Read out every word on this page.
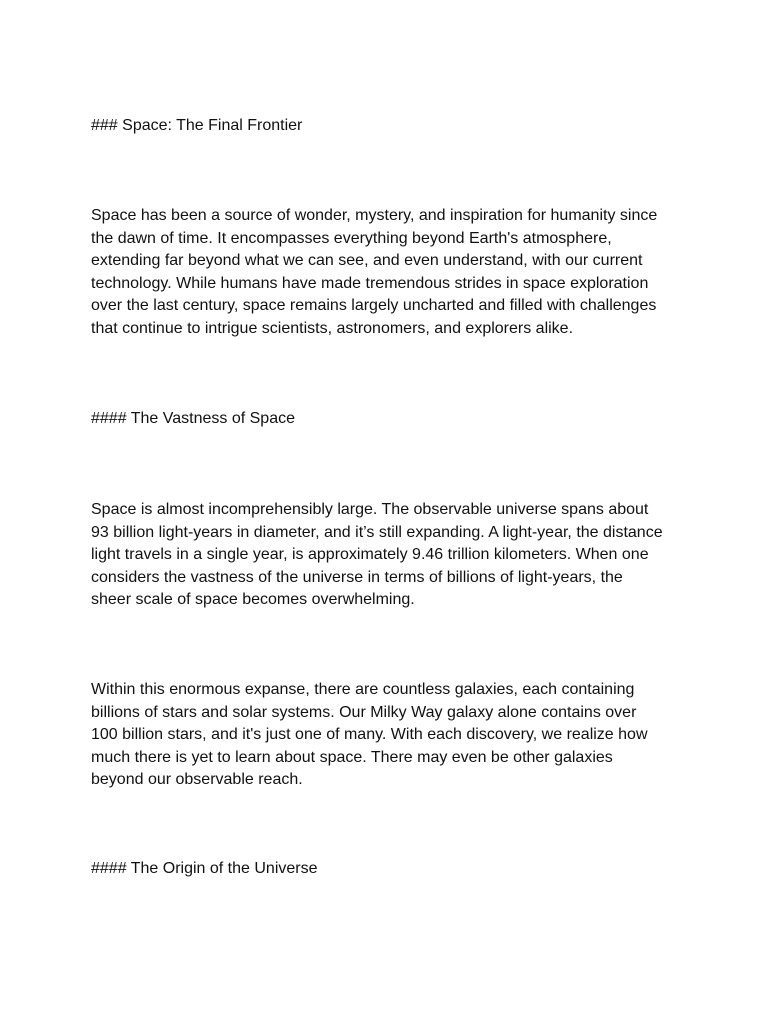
### Space: The Final Frontier
Space has been a source of wonder, mystery, and inspiration for humanity since
the dawn of time. It encompasses everything beyond Earth's atmosphere,
extending far beyond what we can see, and even understand, with our current
technology. While humans have made tremendous strides in space exploration
over the last century, space remains largely uncharted and filled with challenges
that continue to intrigue scientists, astronomers, and explorers alike.
#### The Vastness of Space
Space is almost incomprehensibly large. The observable universe spans about
93 billion light-years in diameter, and it’s still expanding. A light-year, the distance
light travels in a single year, is approximately 9.46 trillion kilometers. When one
considers the vastness of the universe in terms of billions of light-years, the
sheer scale of space becomes overwhelming.
Within this enormous expanse, there are countless galaxies, each containing
billions of stars and solar systems. Our Milky Way galaxy alone contains over
100 billion stars, and it's just one of many. With each discovery, we realize how
much there is yet to learn about space. There may even be other galaxies
beyond our observable reach.
#### The Origin of the Universe
